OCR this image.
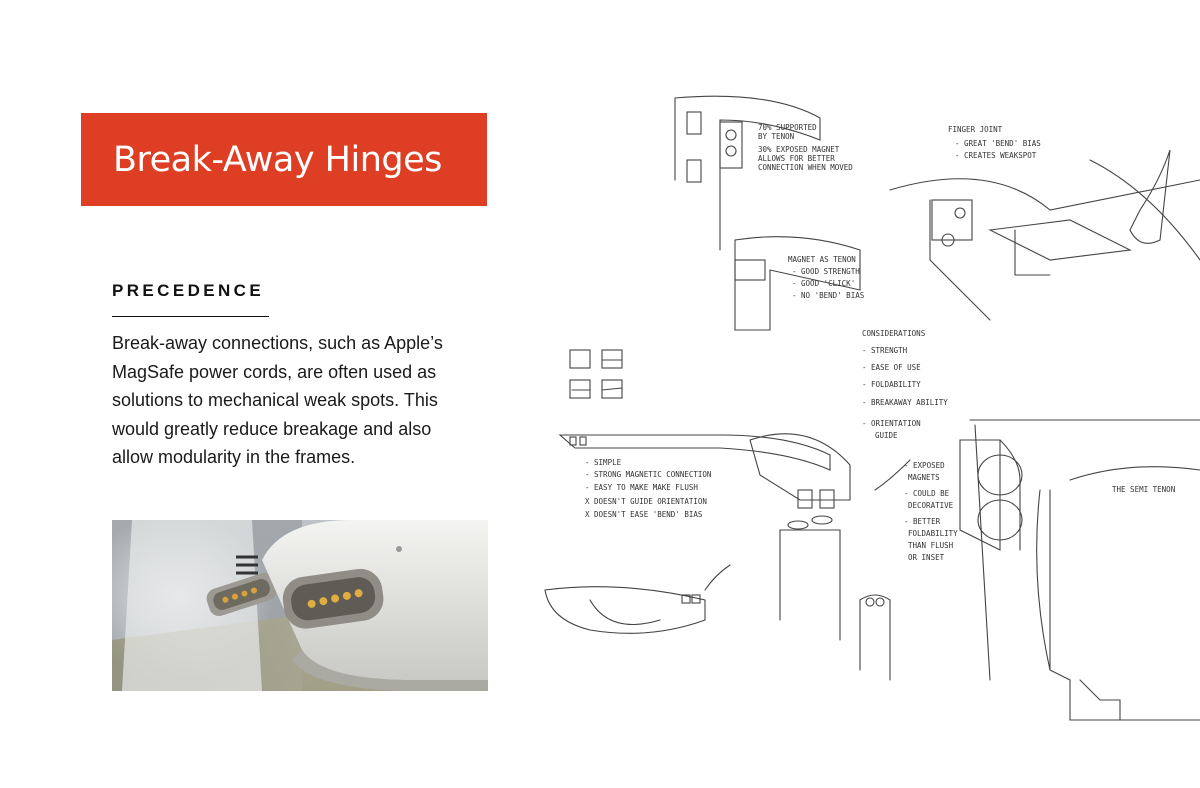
Break-Away Hinges
PRECEDENCE

Break-away connections, such as Apple’s MagSafe power cords, are often used as solutions to mechanical weak spots. This would greatly reduce breakage and also allow modularity in the frames.

70% SUPPORTED
BY TENON
30% EXPOSED MAGNET
ALLOWS FOR BETTER
CONNECTION WHEN MOVED
FINGER JOINT
- GREAT 'BEND' BIAS
- CREATES WEAKSPOT
MAGNET AS TENON
- GOOD STRENGTH
- GOOD 'CLICK'
- NO 'BEND' BIAS
CONSIDERATIONS
- STRENGTH
- EASE OF USE
- FOLDABILITY
- BREAKAWAY ABILITY
- ORIENTATION
GUIDE
- SIMPLE
- STRONG MAGNETIC CONNECTION
- EASY TO MAKE MAKE FLUSH
X DOESN'T GUIDE ORIENTATION
X DOESN'T EASE 'BEND' BIAS
- EXPOSED
MAGNETS
- COULD BE
DECORATIVE
- BETTER
FOLDABILITY
THAN FLUSH
OR INSET
THE SEMI TENON
